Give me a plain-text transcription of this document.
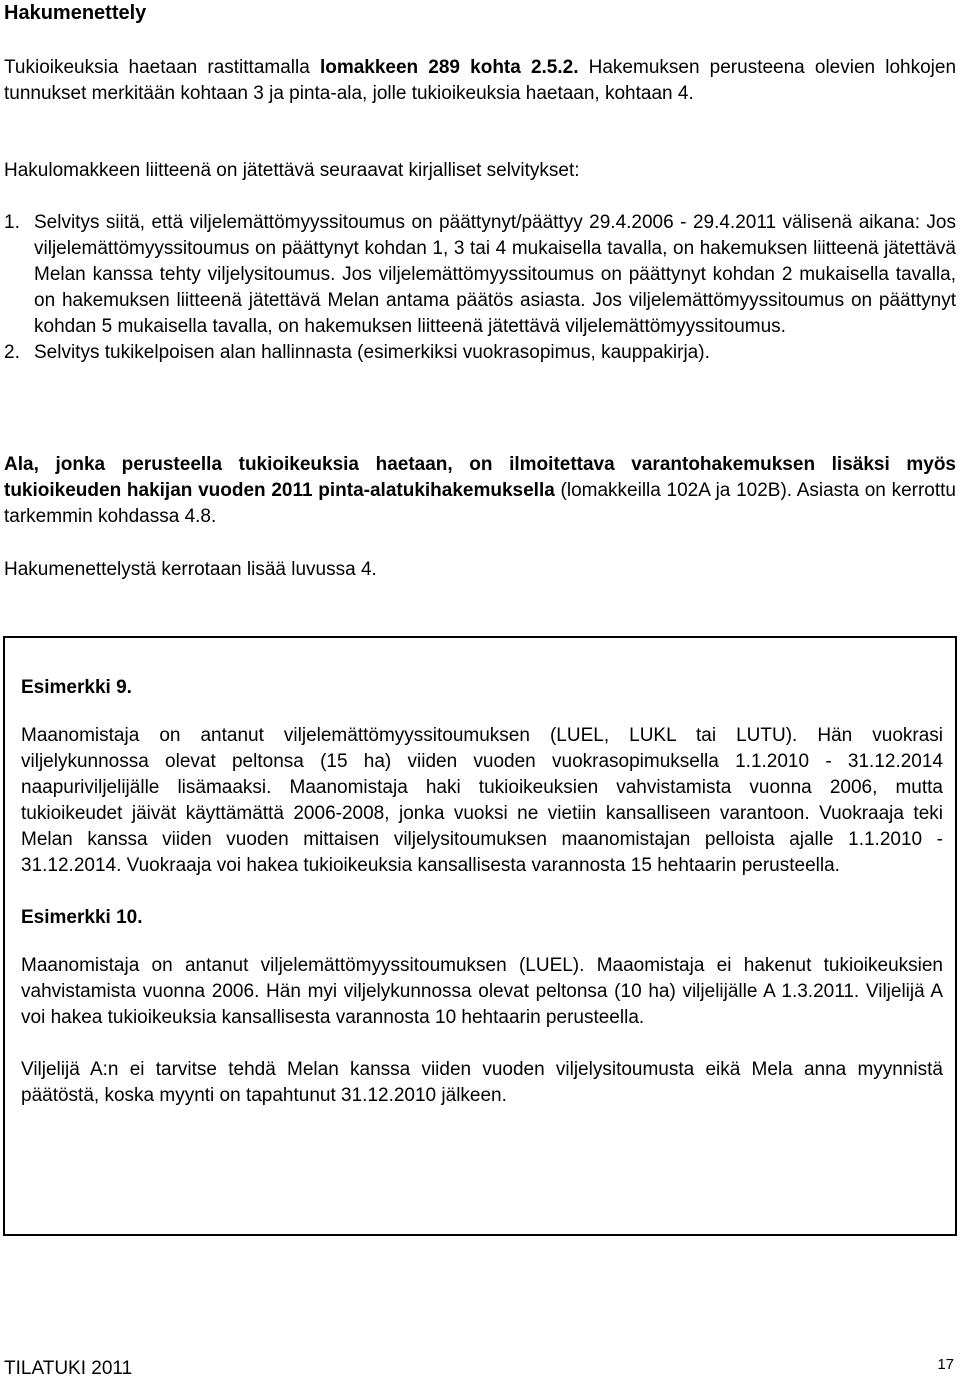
Hakumenettely

Tukioikeuksia haetaan rastittamalla lomakkeen 289 kohta 2.5.2. Hakemuksen perusteena olevien lohkojen tunnukset merkitään kohtaan 3 ja pinta-ala, jolle tukioikeuksia haetaan, kohtaan 4.

Hakulomakkeen liitteenä on jätettävä seuraavat kirjalliset selvitykset:

1. Selvitys siitä, että viljelemättömyyssitoumus on päättynyt/päättyy 29.4.2006 - 29.4.2011 välisenä aikana: Jos viljelemättömyyssitoumus on päättynyt kohdan 1, 3 tai 4 mukaisella tavalla, on hakemuksen liitteenä jätettävä Melan kanssa tehty viljelysitoumus. Jos viljelemättömyyssitoumus on päättynyt kohdan 2 mukaisella tavalla, on hakemuksen liitteenä jätettävä Melan antama päätös asiasta. Jos viljelemättömyyssitoumus on päättynyt kohdan 5 mukaisella tavalla, on hakemuksen liitteenä jätettävä viljelemättömyyssitoumus.
2. Selvitys tukikelpoisen alan hallinnasta (esimerkiksi vuokrasopimus, kauppakirja).

Ala, jonka perusteella tukioikeuksia haetaan, on ilmoitettava varantohakemuksen lisäksi myös tukioikeuden hakijan vuoden 2011 pinta-alatukihakemuksella (lomakkeilla 102A ja 102B). Asiasta on kerrottu tarkemmin kohdassa 4.8.

Hakumenettelystä kerrotaan lisää luvussa 4.

Esimerkki 9.

Maanomistaja on antanut viljelemättömyyssitoumuksen (LUEL, LUKL tai LUTU). Hän vuokrasi viljelykunnossa olevat peltonsa (15 ha) viiden vuoden vuokrasopimuksella 1.1.2010 - 31.12.2014 naapuriviljelijälle lisämaaksi. Maanomistaja haki tukioikeuksien vahvistamista vuonna 2006, mutta tukioikeudet jäivät käyttämättä 2006-2008, jonka vuoksi ne vietiin kansalliseen varantoon. Vuokraaja teki Melan kanssa viiden vuoden mittaisen viljelysitoumuksen maanomistajan pelloista ajalle 1.1.2010 - 31.12.2014. Vuokraaja voi hakea tukioikeuksia kansallisesta varannosta 15 hehtaarin perusteella.

Esimerkki 10.

Maanomistaja on antanut viljelemättömyyssitoumuksen (LUEL). Maaomistaja ei hakenut tukioikeuksien vahvistamista vuonna 2006. Hän myi viljelykunnossa olevat peltonsa (10 ha) viljelijälle A 1.3.2011. Viljelijä A voi hakea tukioikeuksia kansallisesta varannosta 10 hehtaarin perusteella.

Viljelijä A:n ei tarvitse tehdä Melan kanssa viiden vuoden viljelysitoumusta eikä Mela anna myynnistä päätöstä, koska myynti on tapahtunut 31.12.2010 jälkeen.

TILATUKI 2011	17
